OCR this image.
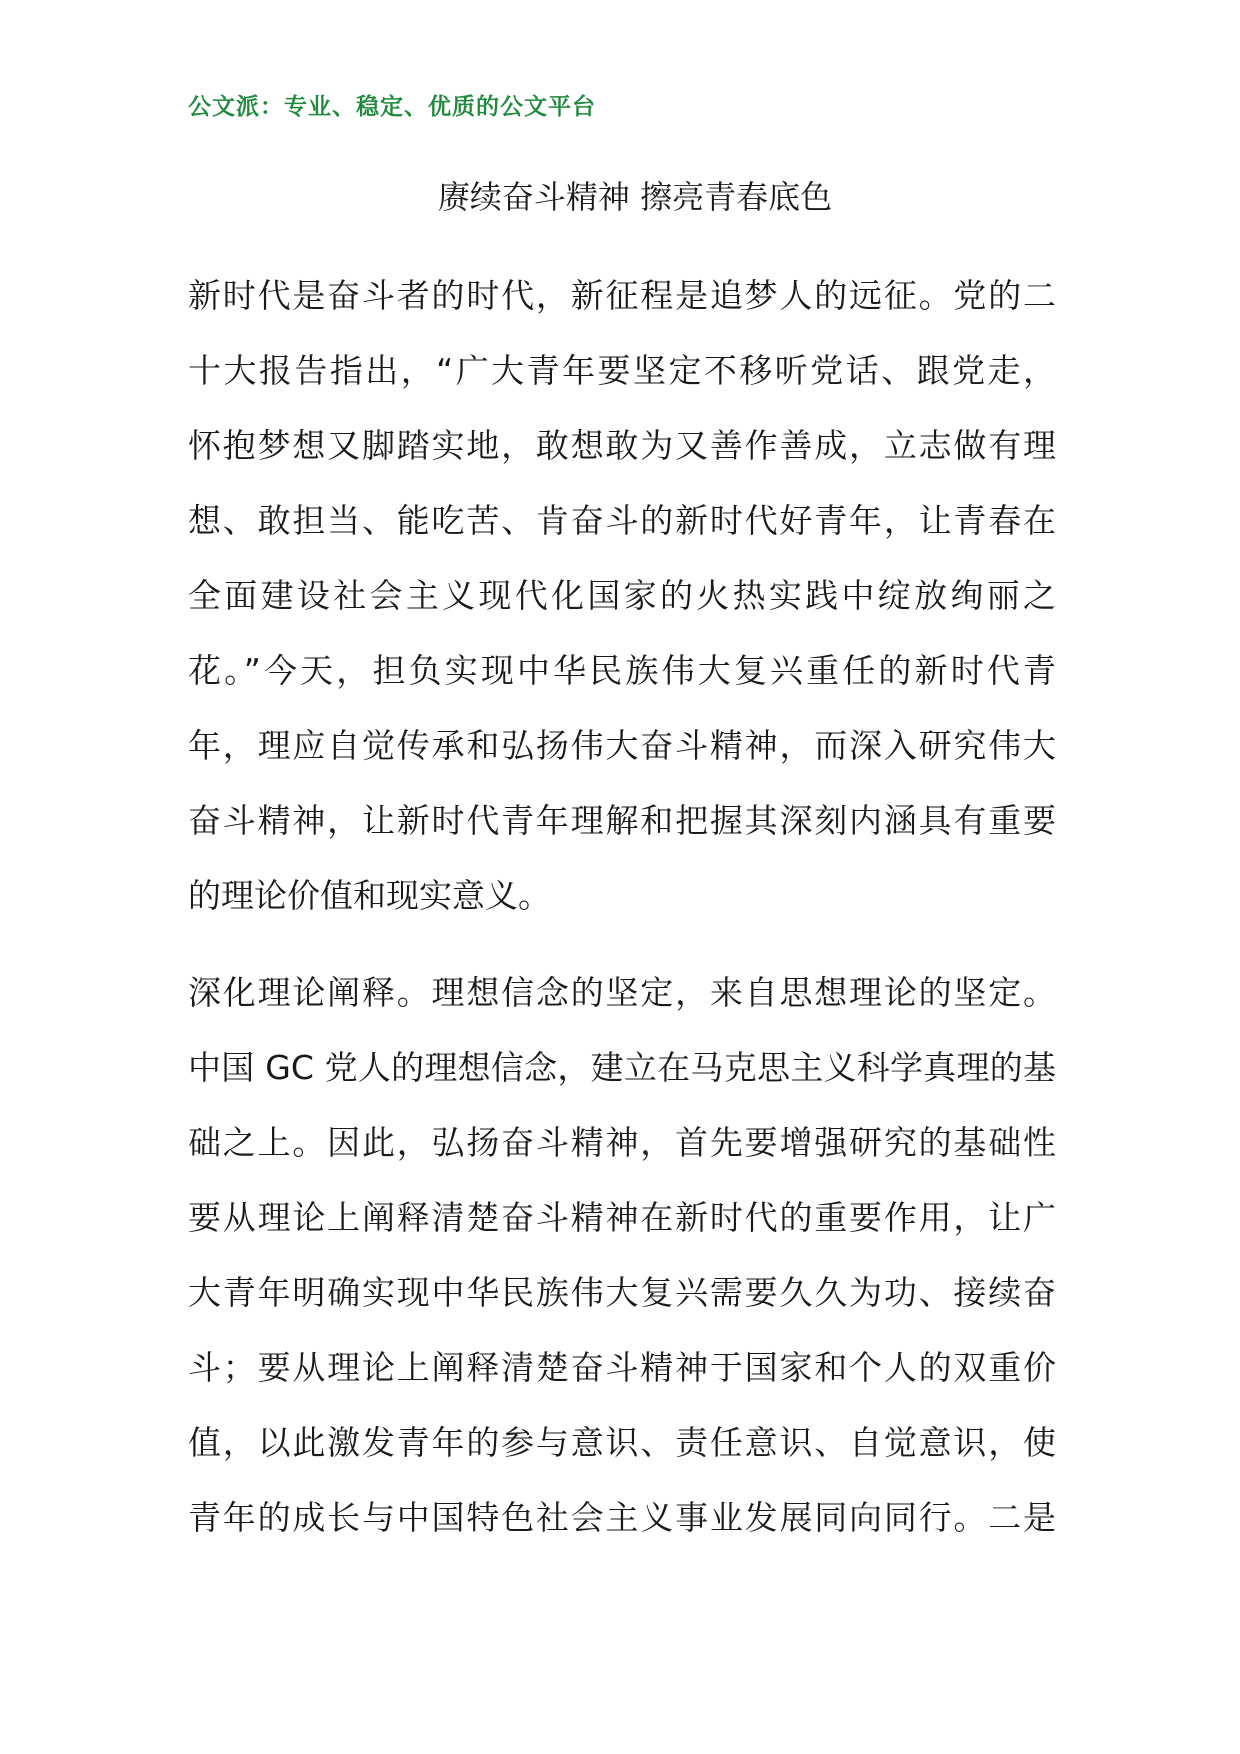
公文派：专业、稳定、优质的公文平台
赓续奋斗精神 擦亮青春底色

新时代是奋斗者的时代，新征程是追梦人的远征。党的二
十大报告指出，“广大青年要坚定不移听党话、跟党走，
怀抱梦想又脚踏实地，敢想敢为又善作善成，立志做有理
想、敢担当、能吃苦、肯奋斗的新时代好青年，让青春在
全面建设社会主义现代化国家的火热实践中绽放绚丽之
花。”今天，担负实现中华民族伟大复兴重任的新时代青
年，理应自觉传承和弘扬伟大奋斗精神，而深入研究伟大
奋斗精神，让新时代青年理解和把握其深刻内涵具有重要
的理论价值和现实意义。

深化理论阐释。理想信念的坚定，来自思想理论的坚定。
中国 GC 党人的理想信念，建立在马克思主义科学真理的基
础之上。因此，弘扬奋斗精神，首先要增强研究的基础性
要从理论上阐释清楚奋斗精神在新时代的重要作用，让广
大青年明确实现中华民族伟大复兴需要久久为功、接续奋
斗；要从理论上阐释清楚奋斗精神于国家和个人的双重价
值，以此激发青年的参与意识、责任意识、自觉意识，使
青年的成长与中国特色社会主义事业发展同向同行。二是
